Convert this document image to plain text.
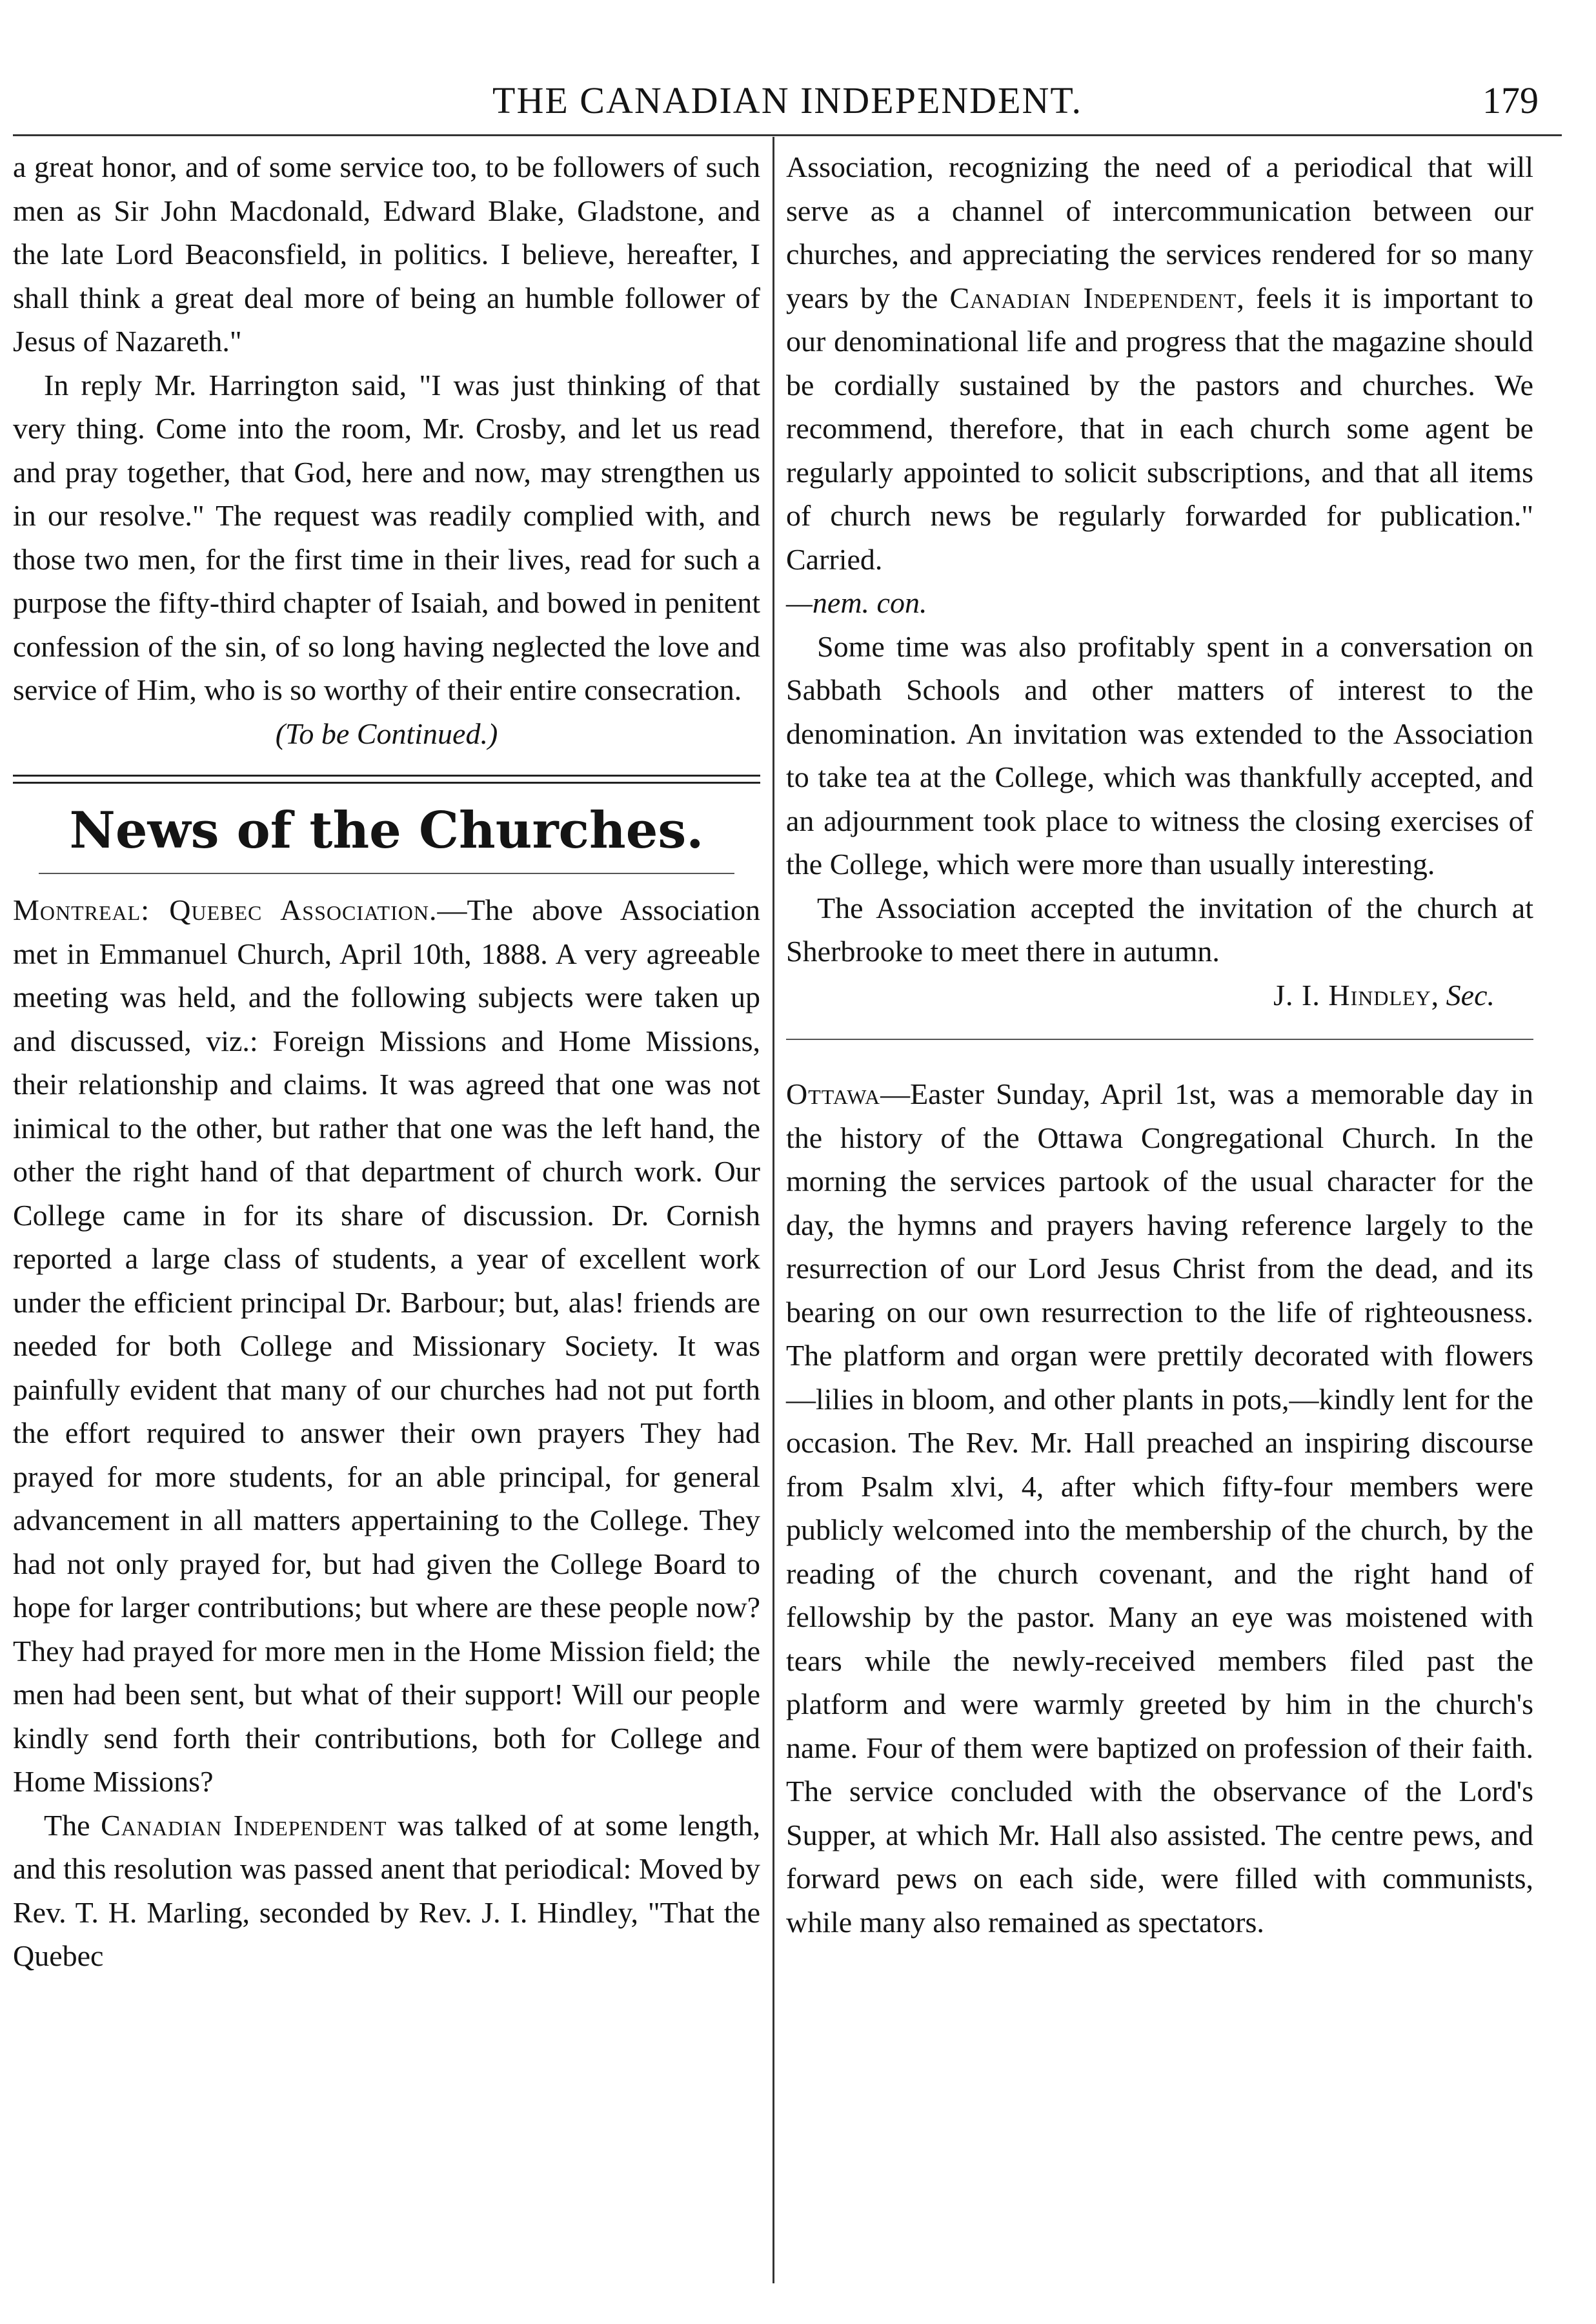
THE CANADIAN INDEPENDENT.	179

a great honor, and of some service too, to be followers of such men as Sir John Macdonald, Edward Blake, Gladstone, and the late Lord Beaconsfield, in politics. I believe, hereafter, I shall think a great deal more of being an humble follower of Jesus of Nazareth."

In reply Mr. Harrington said, "I was just thinking of that very thing. Come into the room, Mr. Crosby, and let us read and pray together, that God, here and now, may strengthen us in our resolve." The request was readily complied with, and those two men, for the first time in their lives, read for such a purpose the fifty-third chapter of Isaiah, and bowed in penitent confession of the sin, of so long having neglected the love and service of Him, who is so worthy of their entire consecration.

(To be Continued.)

News of the Churches.

Montreal: Quebec Association.—The above Association met in Emmanuel Church, April 10th, 1888. A very agreeable meeting was held, and the following subjects were taken up and discussed, viz.: Foreign Missions and Home Missions, their relationship and claims. It was agreed that one was not inimical to the other, but rather that one was the left hand, the other the right hand of that department of church work. Our College came in for its share of discussion. Dr. Cornish reported a large class of students, a year of excellent work under the efficient principal Dr. Barbour; but, alas! friends are needed for both College and Missionary Society. It was painfully evident that many of our churches had not put forth the effort required to answer their own prayers They had prayed for more students, for an able principal, for general advancement in all matters appertaining to the College. They had not only prayed for, but had given the College Board to hope for larger contributions; but where are these people now? They had prayed for more men in the Home Mission field; the men had been sent, but what of their support! Will our people kindly send forth their contributions, both for College and Home Missions?

The Canadian Independent was talked of at some length, and this resolution was passed anent that periodical: Moved by Rev. T. H. Marling, seconded by Rev. J. I. Hindley, "That the Quebec

Association, recognizing the need of a periodical that will serve as a channel of intercommunication between our churches, and appreciating the services rendered for so many years by the Canadian Independent, feels it is important to our denominational life and progress that the magazine should be cordially sustained by the pastors and churches. We recommend, therefore, that in each church some agent be regularly appointed to solicit subscriptions, and that all items of church news be regularly forwarded for publication." Carried.

—nem. con.

Some time was also profitably spent in a conversation on Sabbath Schools and other matters of interest to the denomination. An invitation was extended to the Association to take tea at the College, which was thankfully accepted, and an adjournment took place to witness the closing exercises of the College, which were more than usually interesting.

The Association accepted the invitation of the church at Sherbrooke to meet there in autumn.

J. I. Hindley, Sec.

Ottawa—Easter Sunday, April 1st, was a memorable day in the history of the Ottawa Congregational Church. In the morning the services partook of the usual character for the day, the hymns and prayers having reference largely to the resurrection of our Lord Jesus Christ from the dead, and its bearing on our own resurrection to the life of righteousness. The platform and organ were prettily decorated with flowers—lilies in bloom, and other plants in pots,—kindly lent for the occasion. The Rev. Mr. Hall preached an inspiring discourse from Psalm xlvi, 4, after which fifty-four members were publicly welcomed into the membership of the church, by the reading of the church covenant, and the right hand of fellowship by the pastor. Many an eye was moistened with tears while the newly-received members filed past the platform and were warmly greeted by him in the church's name. Four of them were baptized on profession of their faith. The service concluded with the observance of the Lord's Supper, at which Mr. Hall also assisted. The centre pews, and forward pews on each side, were filled with communists, while many also remained as spectators.
